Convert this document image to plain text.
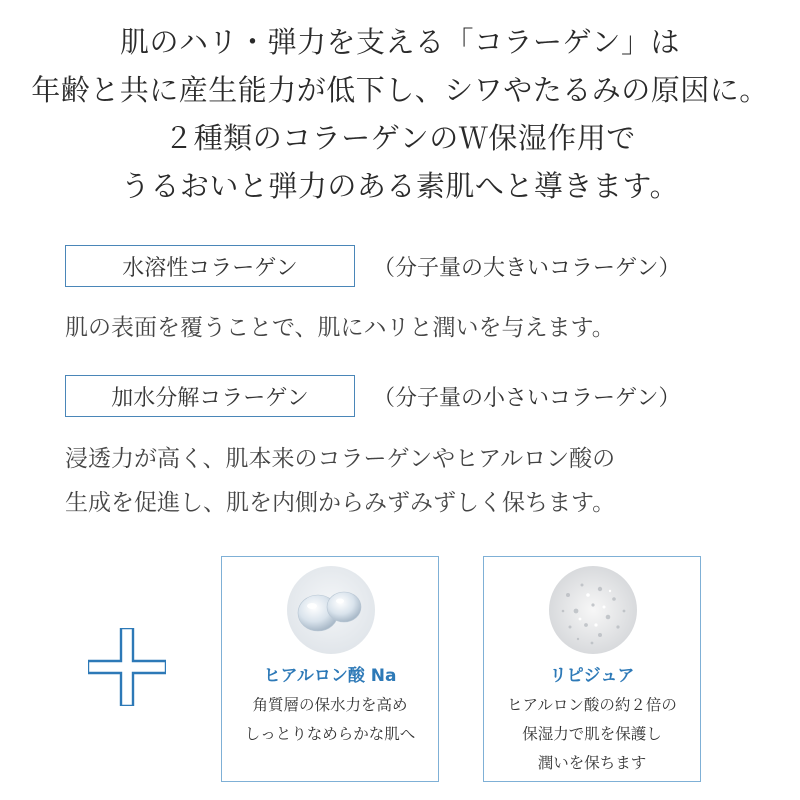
肌のハリ・弾力を支える「コラーゲン」は
年齢と共に産生能力が低下し、シワやたるみの原因に。
２種類のコラーゲンのＷ保湿作用で
うるおいと弾力のある素肌へと導きます。
水溶性コラーゲン	（分子量の大きいコラーゲン）
肌の表面を覆うことで、肌にハリと潤いを与えます。
加水分解コラーゲン	（分子量の小さいコラーゲン）
浸透力が高く、肌本来のコラーゲンやヒアルロン酸の
生成を促進し、肌を内側からみずみずしく保ちます。
ヒアルロン酸 Na
角質層の保水力を高め
しっとりなめらかな肌へ
リピジュア
ヒアルロン酸の約２倍の
保湿力で肌を保護し
潤いを保ちます
